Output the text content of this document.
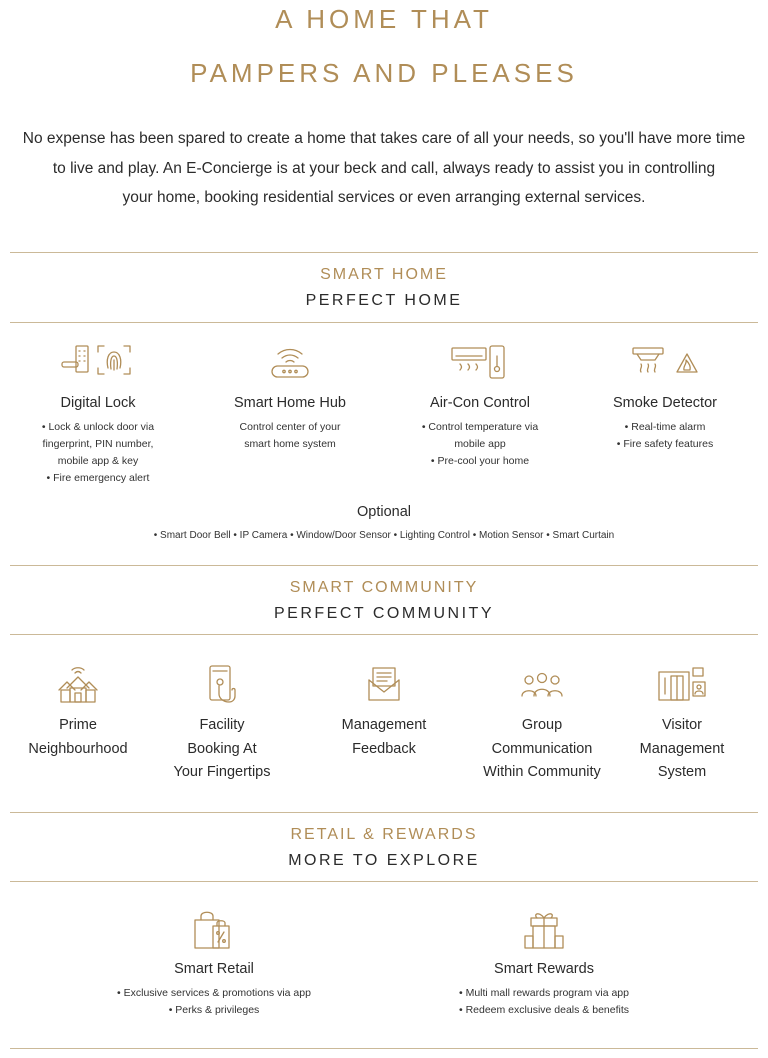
A HOME THAT
PAMPERS AND PLEASES
No expense has been spared to create a home that takes care of all your needs, so you'll have more time
to live and play. An E-Concierge is at your beck and call, always ready to assist you in controlling
your home, booking residential services or even arranging external services.
SMART HOME
PERFECT HOME
Digital Lock
• Lock & unlock door via
fingerprint, PIN number,
mobile app & key
• Fire emergency alert
Smart Home Hub
Control center of your
smart home system
Air-Con Control
• Control temperature via
mobile app
• Pre-cool your home
Smoke Detector
• Real-time alarm
• Fire safety features
Optional
• Smart Door Bell • IP Camera • Window/Door Sensor • Lighting Control • Motion Sensor • Smart Curtain
SMART COMMUNITY
PERFECT COMMUNITY
Prime
Neighbourhood
Facility
Booking At
Your Fingertips
Management
Feedback
Group
Communication
Within Community
Visitor
Management
System
RETAIL & REWARDS
MORE TO EXPLORE
Smart Retail
• Exclusive services & promotions via app
• Perks & privileges
Smart Rewards
• Multi mall rewards program via app
• Redeem exclusive deals & benefits
